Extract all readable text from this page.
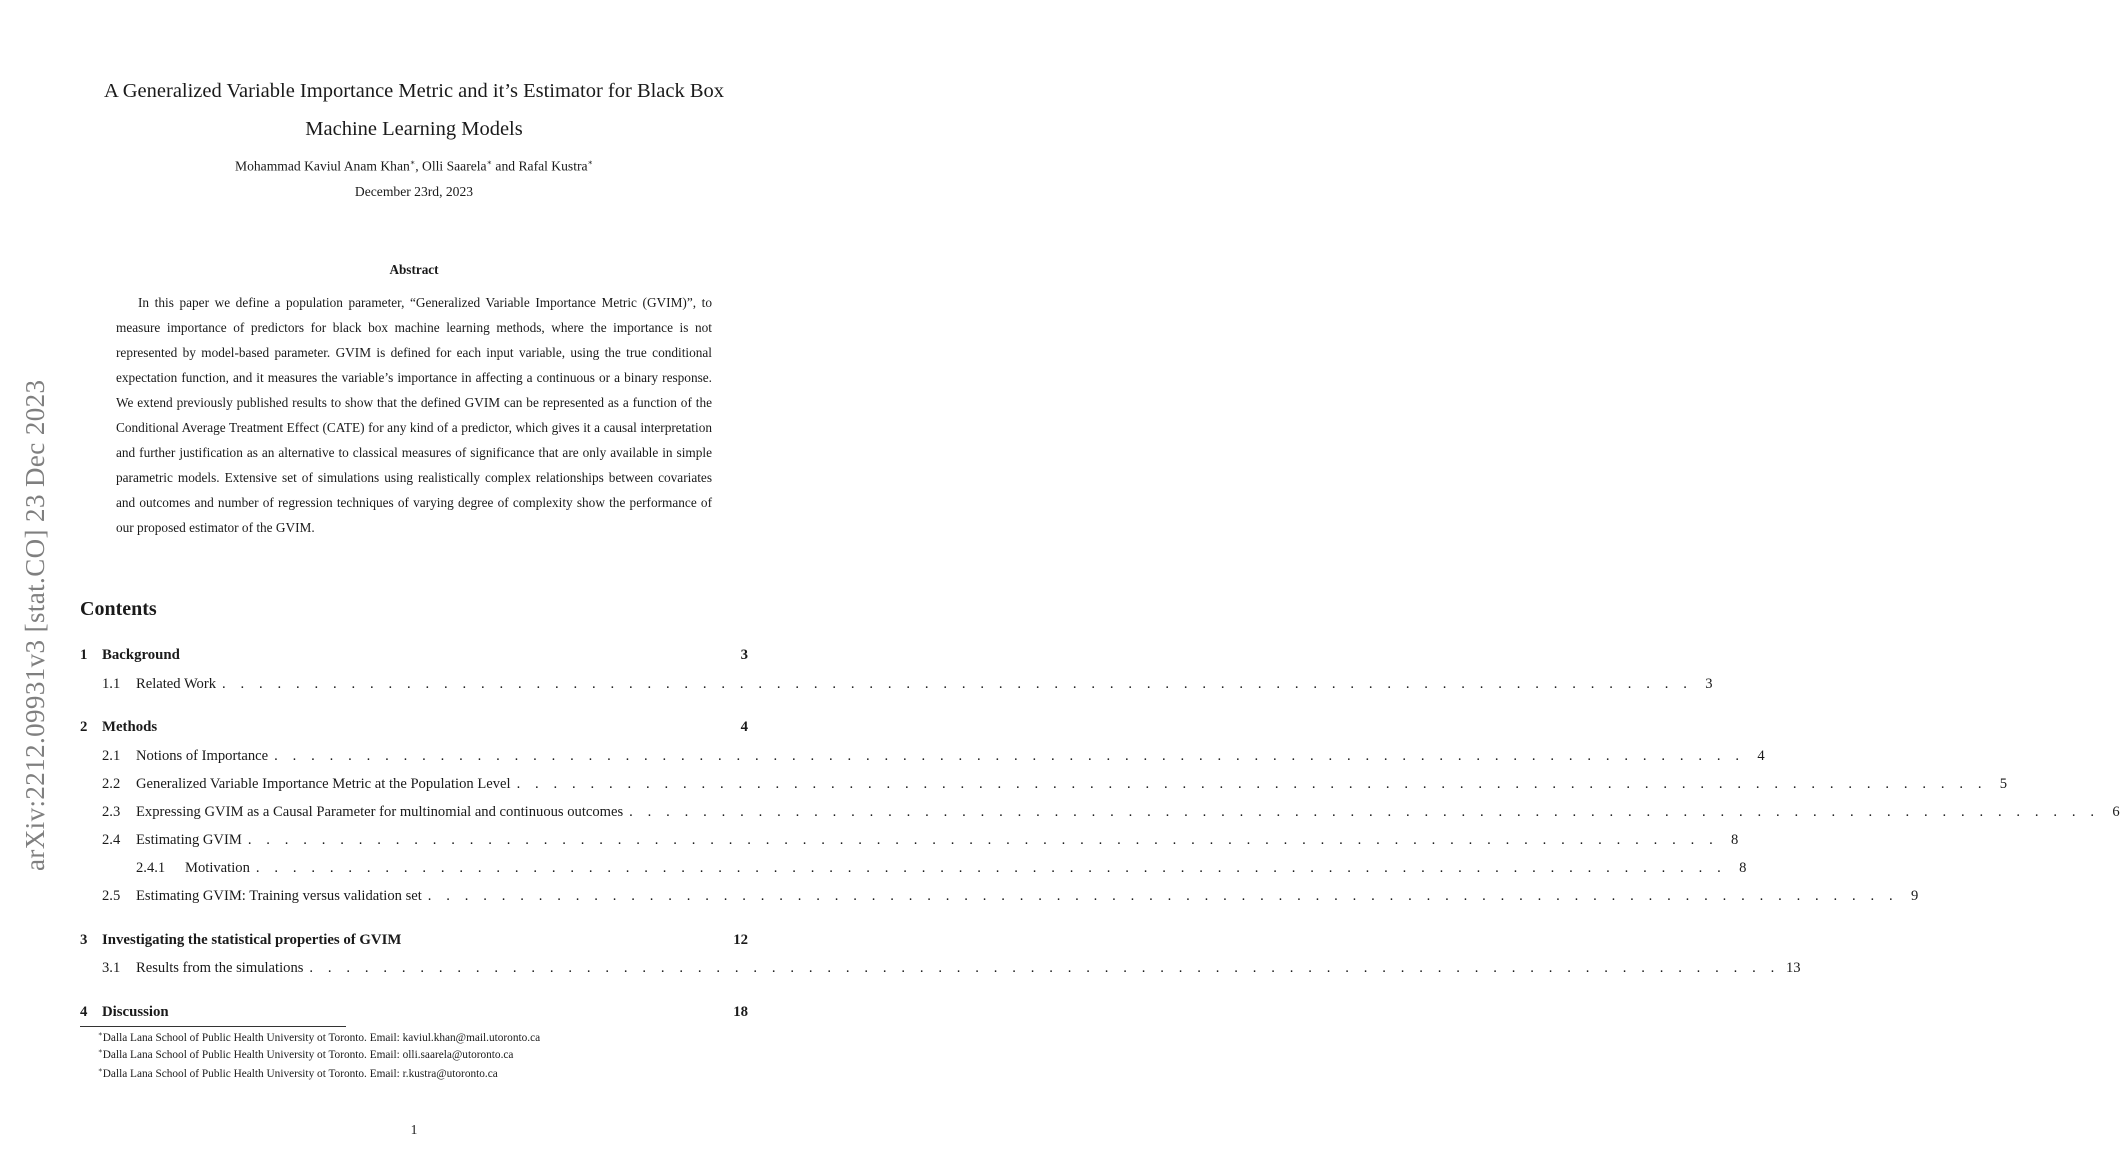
arXiv:2212.09931v3 [stat.CO] 23 Dec 2023
A Generalized Variable Importance Metric and it’s Estimator for Black Box
Machine Learning Models
Mohammad Kaviul Anam Khan∗, Olli Saarela∗ and Rafal Kustra∗
December 23rd, 2023
Abstract

In this paper we define a population parameter, “Generalized Variable Importance Metric (GVIM)”, to measure importance of predictors for black box machine learning methods, where the importance is not represented by model-based parameter. GVIM is defined for each input variable, using the true conditional expectation function, and it measures the variable’s importance in affecting a continuous or a binary response. We extend previously published results to show that the defined GVIM can be represented as a function of the Conditional Average Treatment Effect (CATE) for any kind of a predictor, which gives it a causal interpretation and further justification as an alternative to classical measures of significance that are only available in simple parametric models. Extensive set of simulations using realistically complex relationships between covariates and outcomes and number of regression techniques of varying degree of complexity show the performance of our proposed estimator of the GVIM.

Contents
1 Background	3
1.1	Related Work . . . . . . . . . . . . . . . . . . . . . . . . . . . . . . . . . . . . . . . . . . . . . . . . . . . . . . . . . . . . . . . . . . . . . . . . . . . . . . . . 3
2 Methods	4
2.1	Notions of Importance . . . . . . . . . . . . . . . . . . . . . . . . . . . . . . . . . . . . . . . . . . . . . . . . . . . . . . . . . . . . . . . . . . . . . . . . . . . . . . . . 4
2.2	Generalized Variable Importance Metric at the Population Level . . . . . . . . . . . . . . . . . . . . . . . . . . . . . . . . . . . . . . . . . . . . . . . . . . . . . . . . . . . . . . . . . . . . . . . . . . . . . . . . 5
2.3	Expressing GVIM as a Causal Parameter for multinomial and continuous outcomes . . . . . . . . . . . . . . . . . . . . . . . . . . . . . . . . . . . . . . . . . . . . . . . . . . . . . . . . . . . . . . . . . . . . . . . . . . . . . . . . 6
2.4	Estimating GVIM . . . . . . . . . . . . . . . . . . . . . . . . . . . . . . . . . . . . . . . . . . . . . . . . . . . . . . . . . . . . . . . . . . . . . . . . . . . . . . . . 8
2.4.1	Motivation . . . . . . . . . . . . . . . . . . . . . . . . . . . . . . . . . . . . . . . . . . . . . . . . . . . . . . . . . . . . . . . . . . . . . . . . . . . . . . . . 8
2.5	Estimating GVIM: Training versus validation set . . . . . . . . . . . . . . . . . . . . . . . . . . . . . . . . . . . . . . . . . . . . . . . . . . . . . . . . . . . . . . . . . . . . . . . . . . . . . . . . 9
3 Investigating the statistical properties of GVIM	12
3.1	Results from the simulations . . . . . . . . . . . . . . . . . . . . . . . . . . . . . . . . . . . . . . . . . . . . . . . . . . . . . . . . . . . . . . . . . . . . . . . . . . . . . . . . 13
4 Discussion	18
∗Dalla Lana School of Public Health University ot Toronto. Email: kaviul.khan@mail.utoronto.ca
∗Dalla Lana School of Public Health University ot Toronto. Email: olli.saarela@utoronto.ca
∗Dalla Lana School of Public Health University ot Toronto. Email: r.kustra@utoronto.ca
1
